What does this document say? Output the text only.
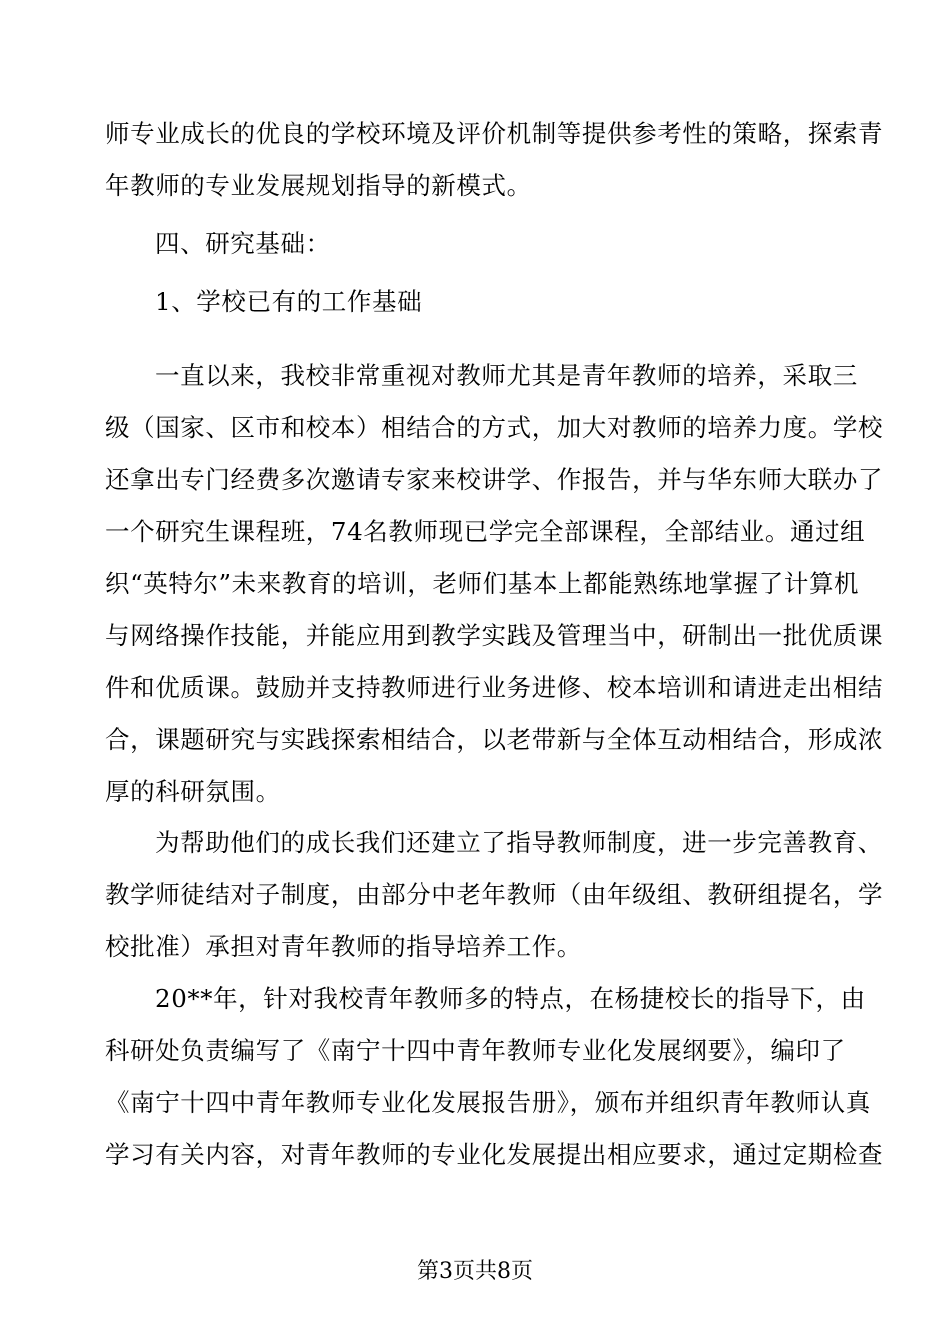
师专业成长的优良的学校环境及评价机制等提供参考性的策略，探索青
年教师的专业发展规划指导的新模式。
四、研究基础：
1、学校已有的工作基础
一直以来，我校非常重视对教师尤其是青年教师的培养，采取三
级（国家、区市和校本）相结合的方式，加大对教师的培养力度。学校
还拿出专门经费多次邀请专家来校讲学、作报告，并与华东师大联办了
一个研究生课程班，74名教师现已学完全部课程，全部结业。通过组
织“英特尔”未来教育的培训，老师们基本上都能熟练地掌握了计算机
与网络操作技能，并能应用到教学实践及管理当中，研制出一批优质课
件和优质课。鼓励并支持教师进行业务进修、校本培训和请进走出相结
合，课题研究与实践探索相结合，以老带新与全体互动相结合，形成浓
厚的科研氛围。
为帮助他们的成长我们还建立了指导教师制度，进一步完善教育、
教学师徒结对子制度，由部分中老年教师（由年级组、教研组提名，学
校批准）承担对青年教师的指导培养工作。
20**年，针对我校青年教师多的特点，在杨捷校长的指导下，由
科研处负责编写了《南宁十四中青年教师专业化发展纲要》，编印了
《南宁十四中青年教师专业化发展报告册》，颁布并组织青年教师认真
学习有关内容，对青年教师的专业化发展提出相应要求，通过定期检查
第3页共8页
